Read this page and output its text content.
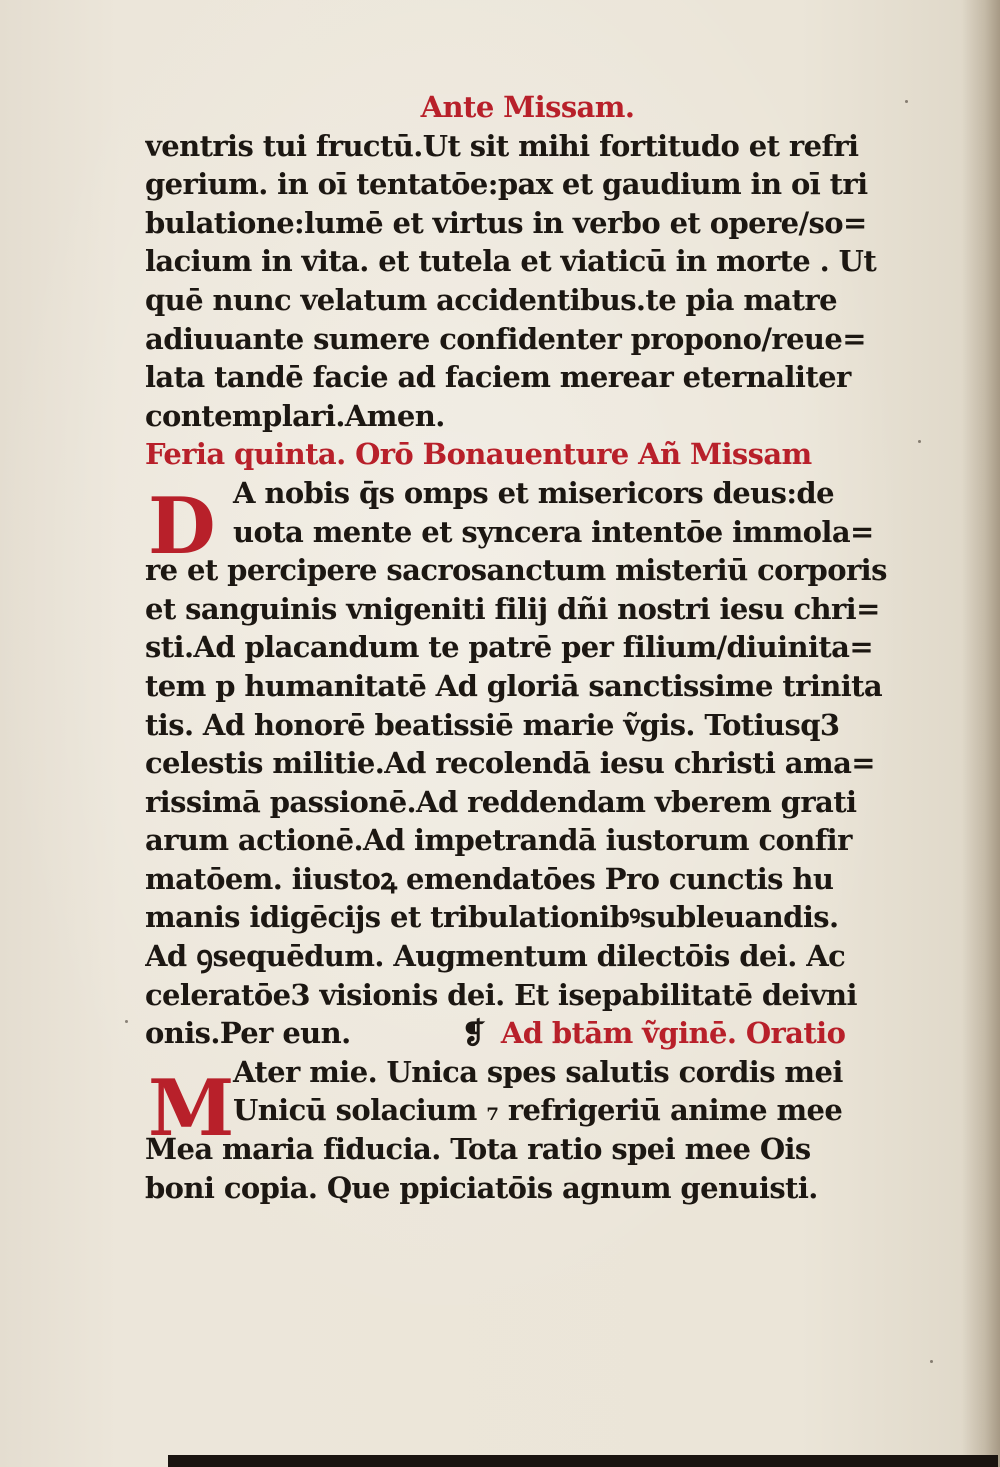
Ante Missam.
ventris tui fructū.Ut sit mihi fortitudo et refri
gerium. in oī tentatōe:pax et gaudium in oī tri
bulatione:lumē et virtus in verbo et opere/so=
lacium in vita. et tutela et viaticū in morte . Ut
quē nunc velatum accidentibus.te pia matre
adiuuante sumere confidenter propono/reue=
lata tandē facie ad faciem merear eternaliter
contemplari.Amen.
Feria quinta. Orō Bonauenture Añ Missam
A nobis q̄s omps et misericors deus:de
uota mente et syncera intentōe immola=
re et percipere sacrosanctum misteriū corporis
et sanguinis vnigeniti filij dñi nostri iesu chri=
sti.Ad placandum te patrē per filium/diuinita=
tem p humanitatē Ad gloriā sanctissime trinita
tis. Ad honorē beatissiē marie ṽgis. Totiusq3
celestis militie.Ad recolendā iesu christi ama=
rissimā passionē.Ad reddendam vberem grati
arum actionē.Ad impetrandā iustorum confir
matōem. iiustoꝝ emendatōes Pro cunctis hu
manis idigēcijs et tribulationibꝰsubleuandis.
Ad ꝯsequēdum. Augmentum dilectōis dei. Ac
celeratōe3 visionis dei. Et isepabilitatē deivni
onis.Per eun.	❡ Ad btām ṽginē. Oratio
Ater mie. Unica spes salutis cordis mei
Unicū solacium ₇ refrigeriū anime mee
Mea maria fiducia. Tota ratio spei mee Ois
boni copia. Que ppiciatōis agnum genuisti.
D
M
